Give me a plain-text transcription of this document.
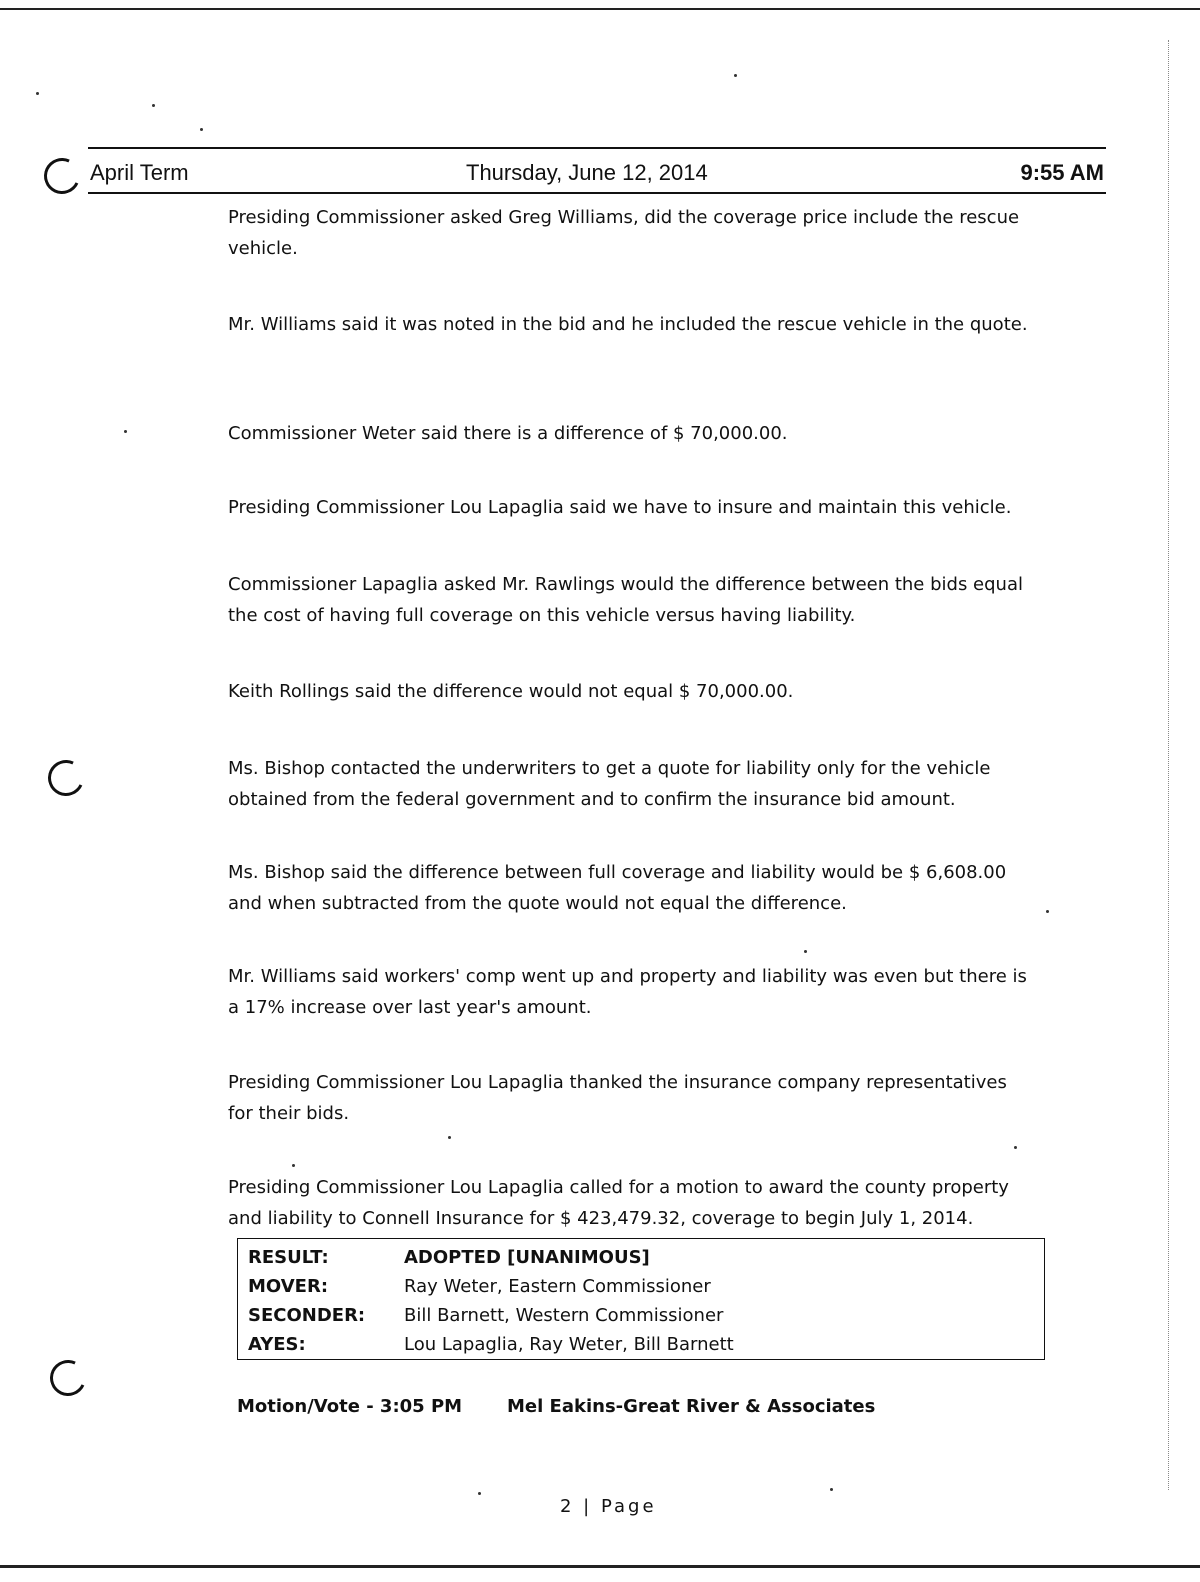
April Term	Thursday, June 12, 2014	9:55 AM

Presiding Commissioner asked Greg Williams, did the coverage price include the rescue vehicle.

Mr. Williams said it was noted in the bid and he included the rescue vehicle in the quote.

Commissioner Weter said there is a difference of $ 70,000.00.

Presiding Commissioner Lou Lapaglia said we have to insure and maintain this vehicle.

Commissioner Lapaglia asked Mr. Rawlings would the difference between the bids equal the cost of having full coverage on this vehicle versus having liability.

Keith Rollings said the difference would not equal $ 70,000.00.

Ms. Bishop contacted the underwriters to get a quote for liability only for the vehicle obtained from the federal government and to confirm the insurance bid amount.

Ms. Bishop said the difference between full coverage and liability would be $ 6,608.00 and when subtracted from the quote would not equal the difference.

Mr. Williams said workers' comp went up and property and liability was even but there is a 17% increase over last year's amount.

Presiding Commissioner Lou Lapaglia thanked the insurance company representatives for their bids.

Presiding Commissioner Lou Lapaglia called for a motion to award the county property and liability to Connell Insurance for $ 423,479.32, coverage to begin July 1, 2014.

RESULT:	ADOPTED [UNANIMOUS]
MOVER:	Ray Weter, Eastern Commissioner
SECONDER:	Bill Barnett, Western Commissioner
AYES:	Lou Lapaglia, Ray Weter, Bill Barnett
Motion/Vote - 3:05 PM Mel Eakins-Great River & Associates
2 | Page
